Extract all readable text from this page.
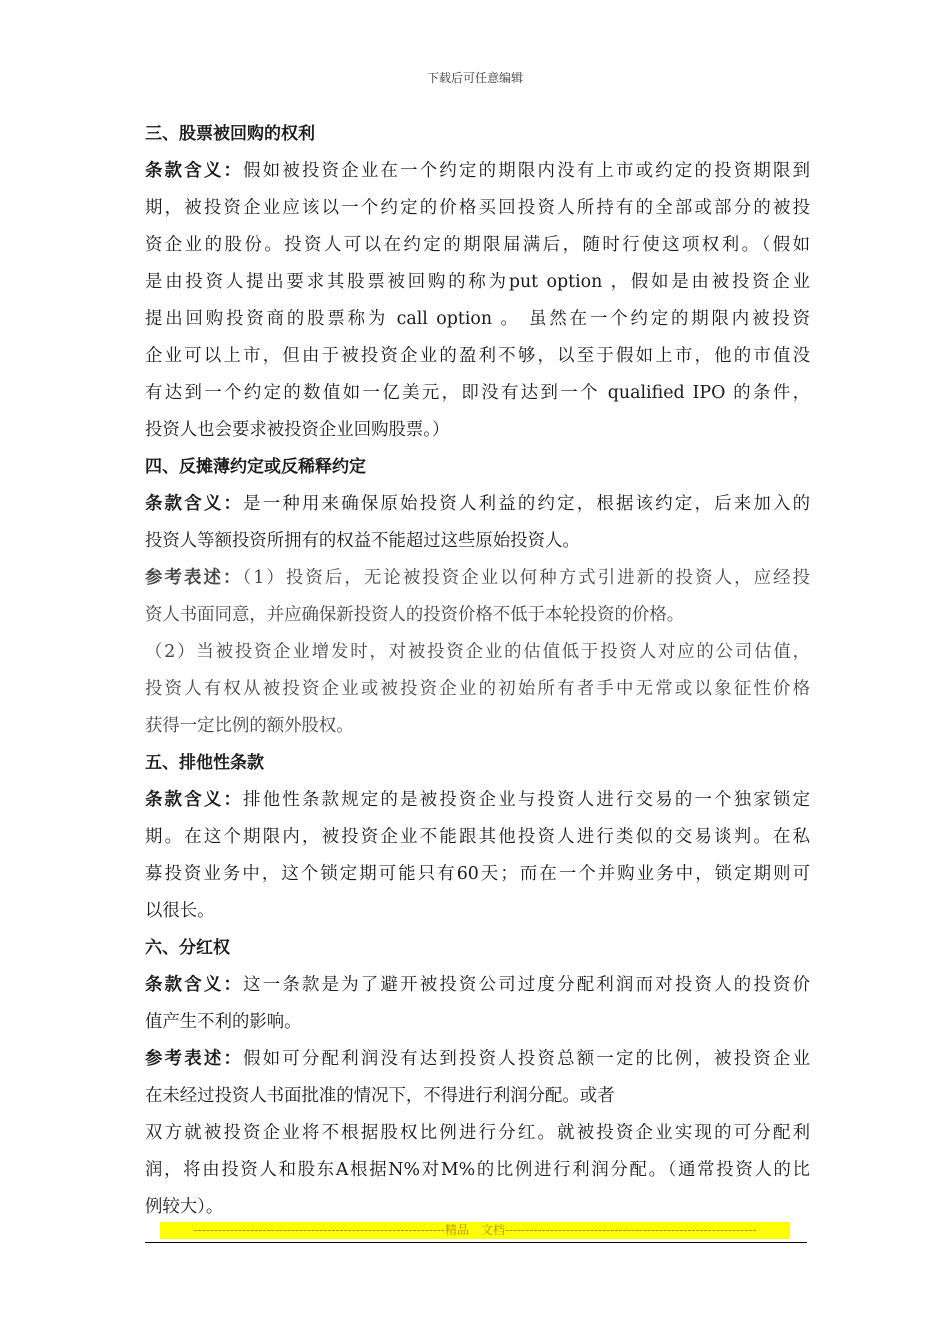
下载后可任意编辑
三、股票被回购的权利
条款含义：假如被投资企业在一个约定的期限内没有上市或约定的投资期限到
期，被投资企业应该以一个约定的价格买回投资人所持有的全部或部分的被投
资企业的股份。投资人可以在约定的期限届满后，随时行使这项权利。（假如
是由投资人提出要求其股票被回购的称为put option ，假如是由被投资企业
提出回购投资商的股票称为 call option 。 虽然在一个约定的期限内被投资
企业可以上市，但由于被投资企业的盈利不够，以至于假如上市，他的市值没
有达到一个约定的数值如一亿美元，即没有达到一个 qualified IPO 的条件，
投资人也会要求被投资企业回购股票。）
四、反摊薄约定或反稀释约定
条款含义：是一种用来确保原始投资人利益的约定，根据该约定，后来加入的
投资人等额投资所拥有的权益不能超过这些原始投资人。
参考表述：（1）投资后，无论被投资企业以何种方式引进新的投资人，应经投
资人书面同意，并应确保新投资人的投资价格不低于本轮投资的价格。
（2）当被投资企业增发时，对被投资企业的估值低于投资人对应的公司估值，
投资人有权从被投资企业或被投资企业的初始所有者手中无常或以象征性价格
获得一定比例的额外股权。
五、排他性条款
条款含义：排他性条款规定的是被投资企业与投资人进行交易的一个独家锁定
期。在这个期限内，被投资企业不能跟其他投资人进行类似的交易谈判。在私
募投资业务中，这个锁定期可能只有60天；而在一个并购业务中，锁定期则可
以很长。
六、分红权
条款含义：这一条款是为了避开被投资公司过度分配利润而对投资人的投资价
值产生不利的影响。
参考表述：假如可分配利润没有达到投资人投资总额一定的比例，被投资企业
在未经过投资人书面批准的情况下，不得进行利润分配。或者
双方就被投资企业将不根据股权比例进行分红。就被投资企业实现的可分配利
润，将由投资人和股东A根据N%对M%的比例进行利润分配。（通常投资人的比
例较大）。
--------------------------------------------------------------精品　文档--------------------------------------------------------------
